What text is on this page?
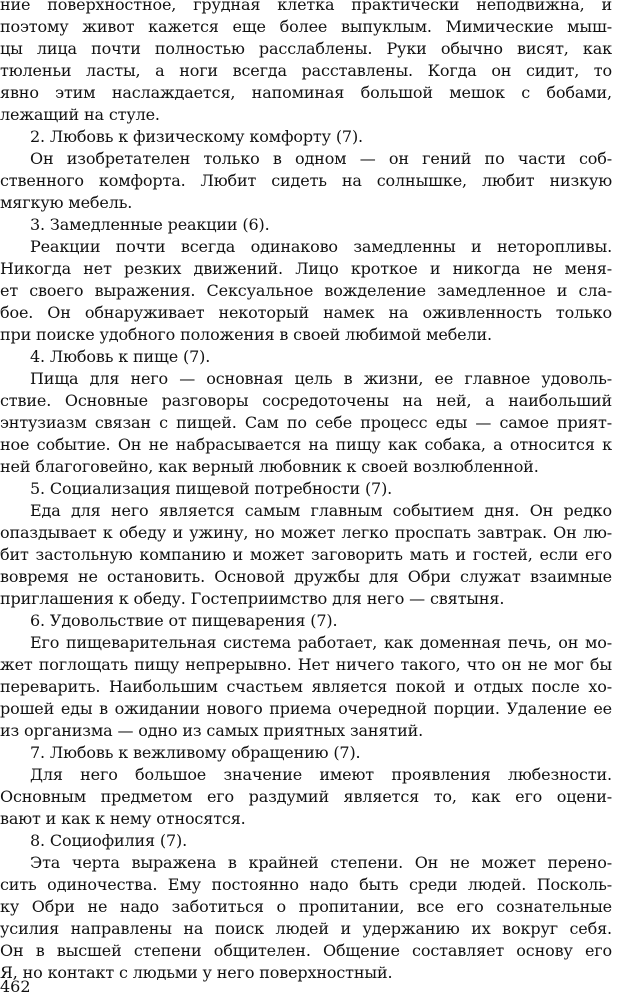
ние поверхностное, грудная клетка практически неподвижна, и
поэтому живот кажется еще более выпуклым. Мимические мыш-
цы лица почти полностью расслаблены. Руки обычно висят, как
тюленьи ласты, а ноги всегда расставлены. Когда он сидит, то
явно этим наслаждается, напоминая большой мешок с бобами,
лежащий на стуле.
2. Любовь к физическому комфорту (7).
Он изобретателен только в одном — он гений по части соб-
ственного комфорта. Любит сидеть на солнышке, любит низкую
мягкую мебель.
3. Замедленные реакции (6).
Реакции почти всегда одинаково замедленны и неторопливы.
Никогда нет резких движений. Лицо кроткое и никогда не меня-
ет своего выражения. Сексуальное вожделение замедленное и сла-
бое. Он обнаруживает некоторый намек на оживленность только
при поиске удобного положения в своей любимой мебели.
4. Любовь к пище (7).
Пища для него — основная цель в жизни, ее главное удоволь-
ствие. Основные разговоры сосредоточены на ней, а наибольший
энтузиазм связан с пищей. Сам по себе процесс еды — самое прият-
ное событие. Он не набрасывается на пищу как собака, а относится к
ней благоговейно, как верный любовник к своей возлюбленной.
5. Социализация пищевой потребности (7).
Еда для него является самым главным событием дня. Он редко
опаздывает к обеду и ужину, но может легко проспать завтрак. Он лю-
бит застольную компанию и может заговорить мать и гостей, если его
вовремя не остановить. Основой дружбы для Обри служат взаимные
приглашения к обеду. Гостеприимство для него — святыня.
6. Удовольствие от пищеварения (7).
Его пищеварительная система работает, как доменная печь, он мо-
жет поглощать пищу непрерывно. Нет ничего такого, что он не мог бы
переварить. Наибольшим счастьем является покой и отдых после хо-
рошей еды в ожидании нового приема очередной порции. Удаление ее
из организма — одно из самых приятных занятий.
7. Любовь к вежливому обращению (7).
Для него большое значение имеют проявления любезности.
Основным предметом его раздумий является то, как его оцени-
вают и как к нему относятся.
8. Социофилия (7).
Эта черта выражена в крайней степени. Он не может перено-
сить одиночества. Ему постоянно надо быть среди людей. Посколь-
ку Обри не надо заботиться о пропитании, все его сознательные
усилия направлены на поиск людей и удержанию их вокруг себя.
Он в высшей степени общителен. Общение составляет основу его
Я, но контакт с людьми у него поверхностный.
462
